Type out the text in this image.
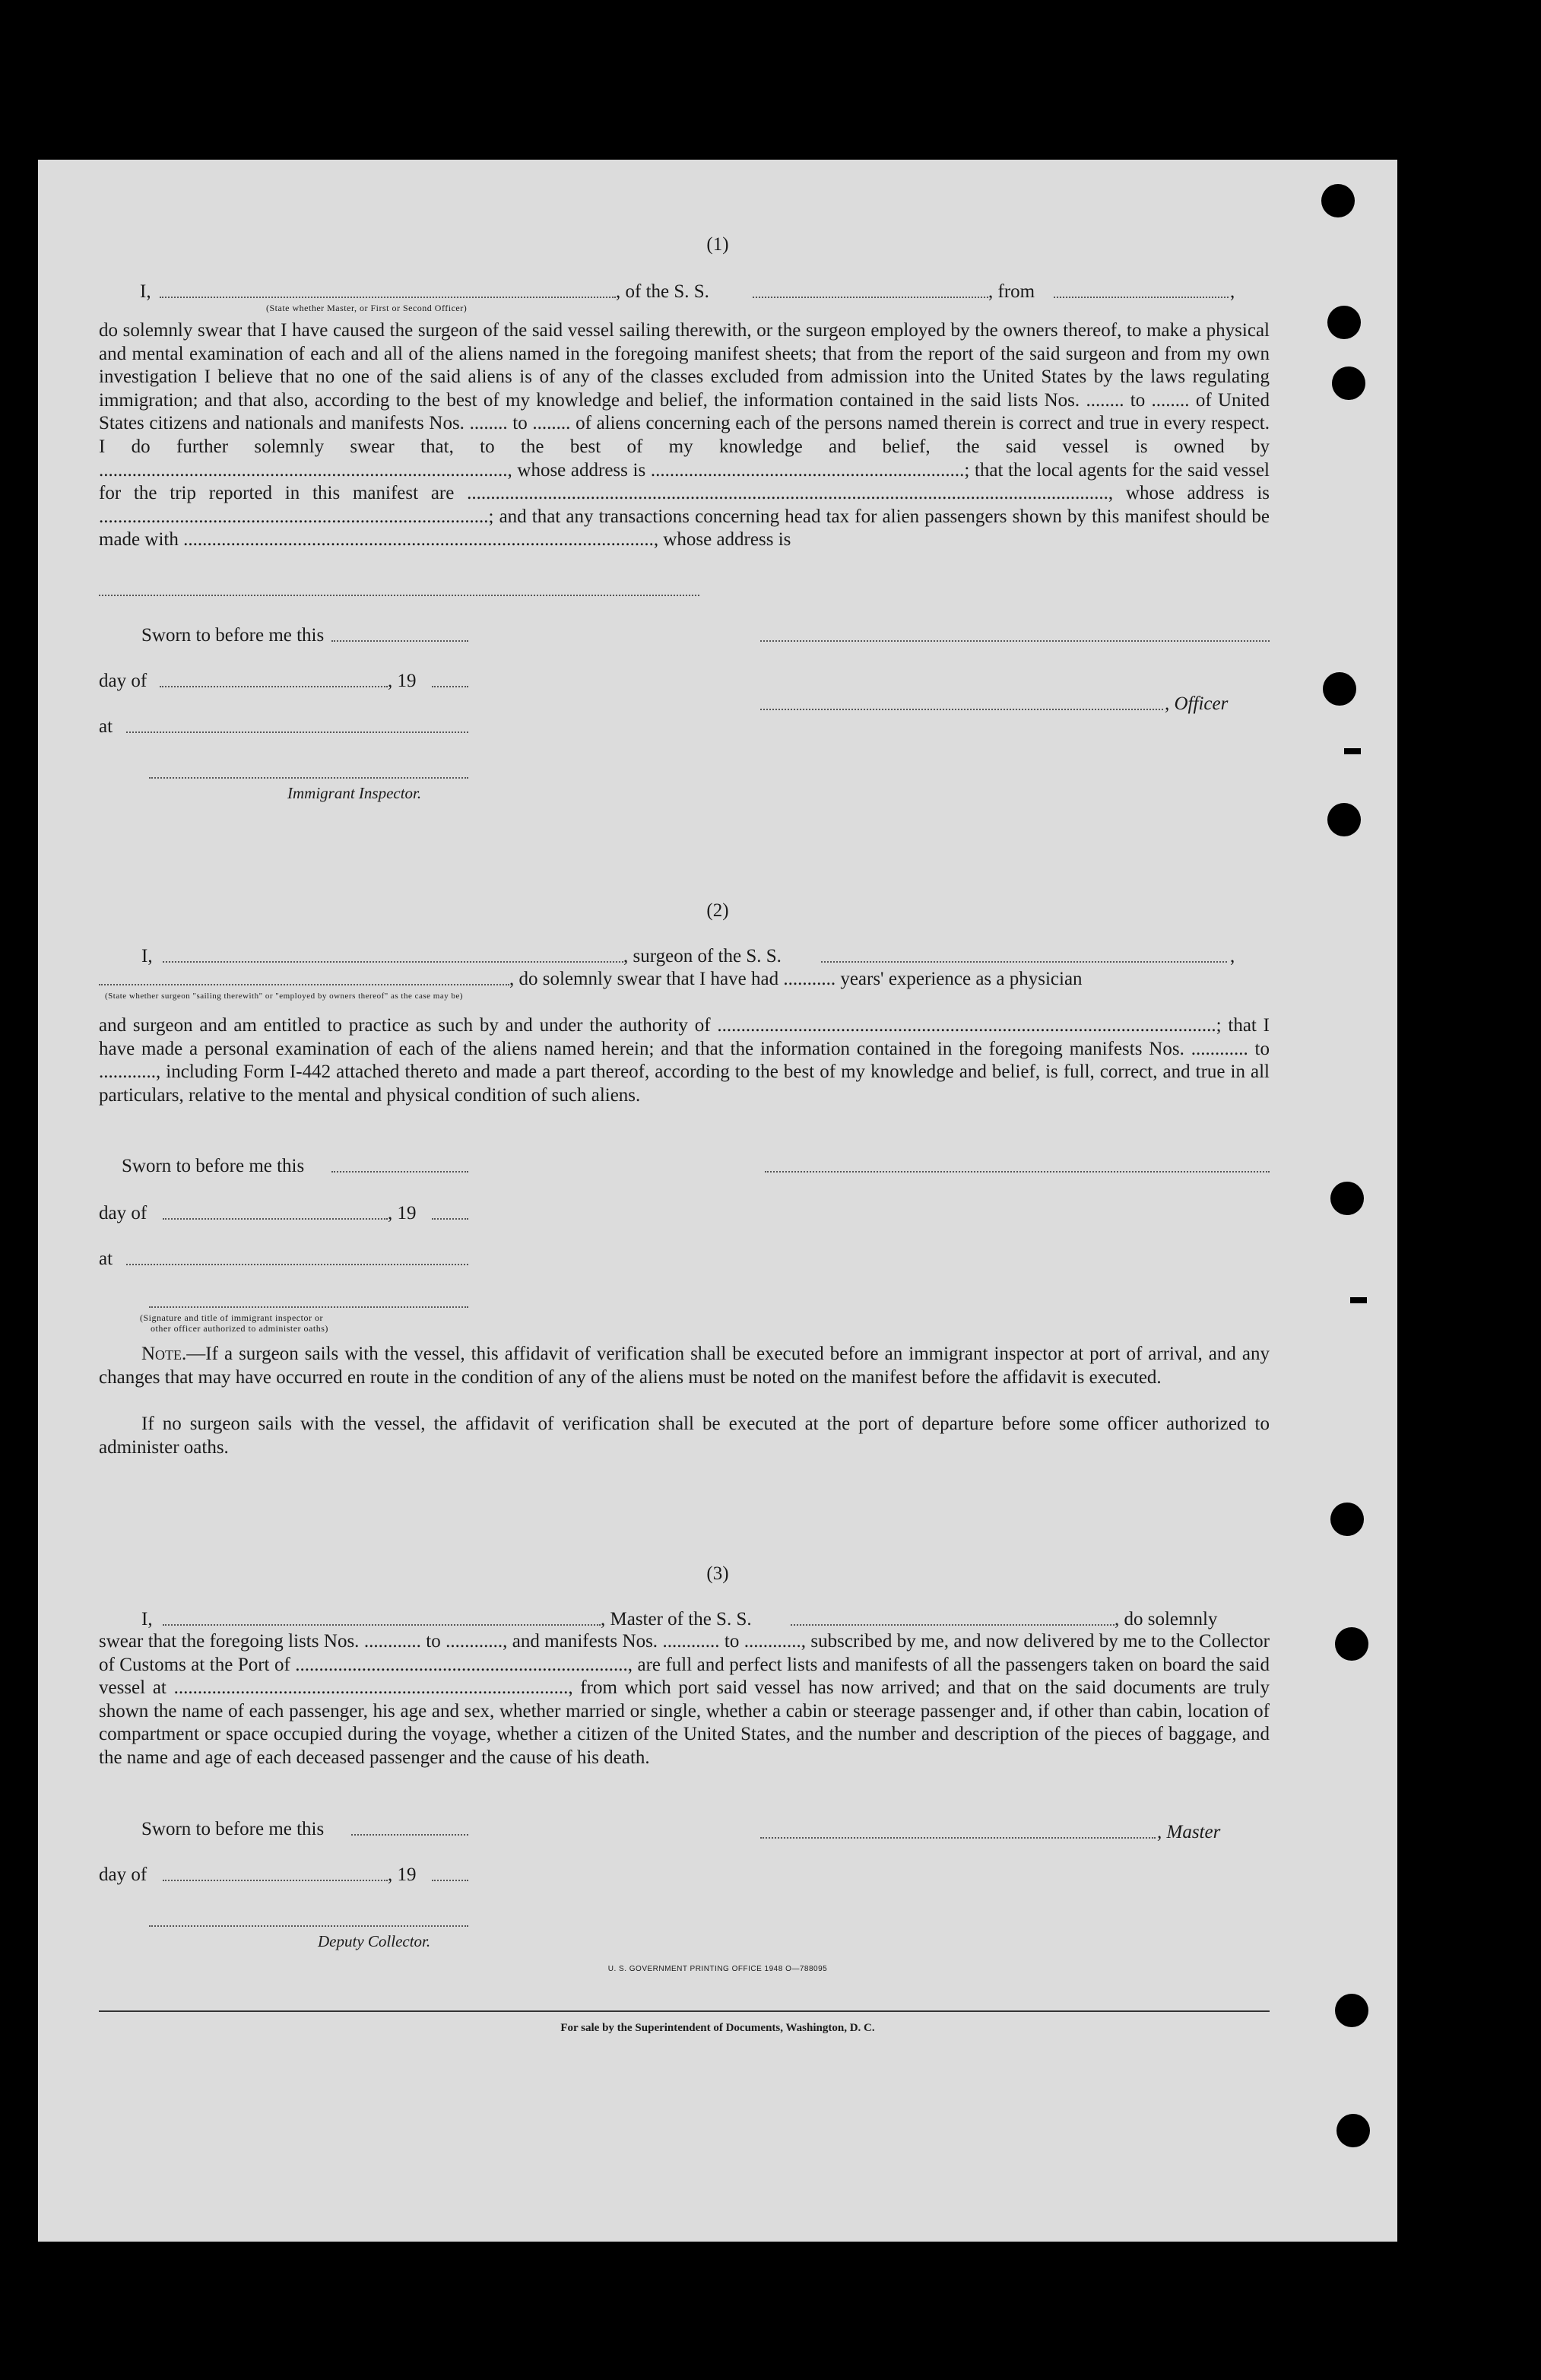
(1)
I,	, of the S. S.	, from	,
(State whether Master, or First or Second Officer)
do solemnly swear that I have caused the surgeon of the said vessel sailing therewith, or the surgeon employed by the owners thereof, to make a physical and mental examination of each and all of the aliens named in the foregoing manifest sheets; that from the report of the said surgeon and from my own investigation I believe that no one of the said aliens is of any of the classes excluded from admission into the United States by the laws regulating immigration; and that also, according to the best of my knowledge and belief, the information contained in the said lists Nos. ........ to ........ of United States citizens and nationals and manifests Nos. ........ to ........ of aliens concerning each of the persons named therein is correct and true in every respect. I do further solemnly swear that, to the best of my knowledge and belief, the said vessel is owned by ......................................................................................, whose address is ..................................................................; that the local agents for the said vessel for the trip reported in this manifest are ......................................................................................................................................., whose address is ..................................................................................; and that any transactions concerning head tax for alien passengers shown by this manifest should be made with ..................................................................................................., whose address is
Sworn to before me this
day of	, 19
, Officer
at
Immigrant Inspector.
(2)
I,	, surgeon of the S. S.	,
, do solemnly swear that I have had ........... years' experience as a physician
(State whether surgeon "sailing therewith" or "employed by owners thereof" as the case may be)
and surgeon and am entitled to practice as such by and under the authority of .........................................................................................................; that I have made a personal examination of each of the aliens named herein; and that the information contained in the foregoing manifests Nos. ............ to ............, including Form I-442 attached thereto and made a part thereof, according to the best of my knowledge and belief, is full, correct, and true in all particulars, relative to the mental and physical condition of such aliens.
Sworn to before me this
day of	, 19
at
(Signature and title of immigrant inspector or
other officer authorized to administer oaths)
Note.—If a surgeon sails with the vessel, this affidavit of verification shall be executed before an immigrant inspector at port of arrival, and any changes that may have occurred en route in the condition of any of the aliens must be noted on the manifest before the affidavit is executed.
If no surgeon sails with the vessel, the affidavit of verification shall be executed at the port of departure before some officer authorized to administer oaths.
(3)
I,	, Master of the S. S.	, do solemnly
swear that the foregoing lists Nos. ............ to ............, and manifests Nos. ............ to ............, subscribed by me, and now delivered by me to the Collector of Customs at the Port of ......................................................................, are full and perfect lists and manifests of all the passengers taken on board the said vessel at ..................................................................................., from which port said vessel has now arrived; and that on the said documents are truly shown the name of each passenger, his age and sex, whether married or single, whether a cabin or steerage passenger and, if other than cabin, location of compartment or space occupied during the voyage, whether a citizen of the United States, and the number and description of the pieces of baggage, and the name and age of each deceased passenger and the cause of his death.
Sworn to before me this	, Master
day of	, 19
Deputy Collector.
U. S. GOVERNMENT PRINTING OFFICE 1948 O—788095
For sale by the Superintendent of Documents, Washington, D. C.
